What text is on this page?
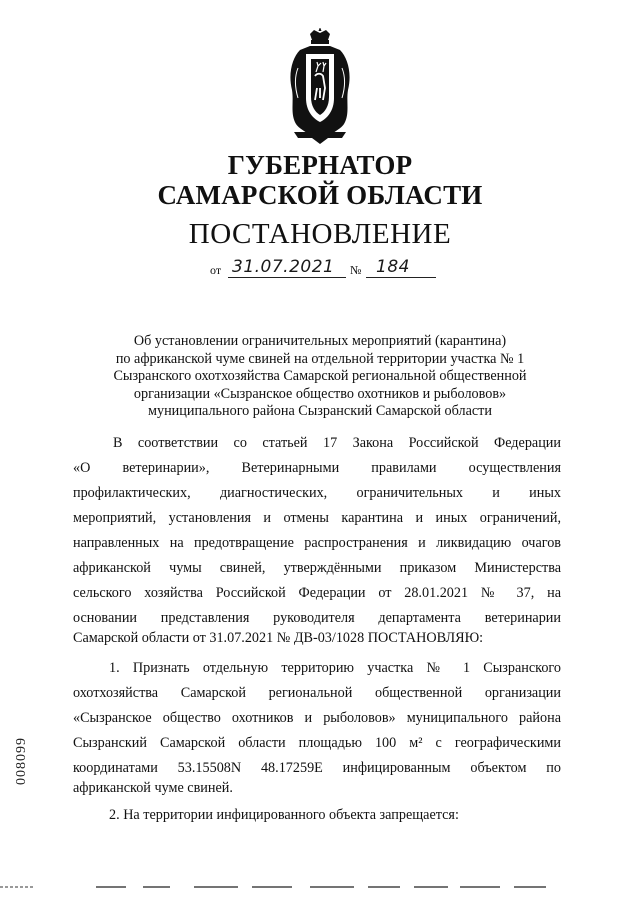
ГУБЕРНАТОР
САМАРСКОЙ ОБЛАСТИ
ПОСТАНОВЛЕНИЕ
от 31.07.2021 № 184
Об установлении ограничительных мероприятий (карантина)
по африканской чуме свиней на отдельной территории участка № 1
Сызранского охотхозяйства Самарской региональной общественной
организации «Сызранское общество охотников и рыболовов»
муниципального района Сызранский Самарской области
В соответствии со статьей 17 Закона Российской Федерации
«О ветеринарии», Ветеринарными правилами осуществления
профилактических, диагностических, ограничительных и иных
мероприятий, установления и отмены карантина и иных ограничений,
направленных на предотвращение распространения и ликвидацию очагов
африканской чумы свиней, утверждёнными приказом Министерства
сельского хозяйства Российской Федерации от 28.01.2021 № 37, на
основании представления руководителя департамента ветеринарии
Самарской области от 31.07.2021 № ДВ-03/1028 ПОСТАНОВЛЯЮ:
1. Признать отдельную территорию участка № 1 Сызранского
охотхозяйства Самарской региональной общественной организации
«Сызранское общество охотников и рыболовов» муниципального района
Сызранский Самарской области площадью 100 м² с географическими
координатами 53.15508N 48.17259E инфицированным объектом по
африканской чуме свиней.
2. На территории инфицированного объекта запрещается:
008099
